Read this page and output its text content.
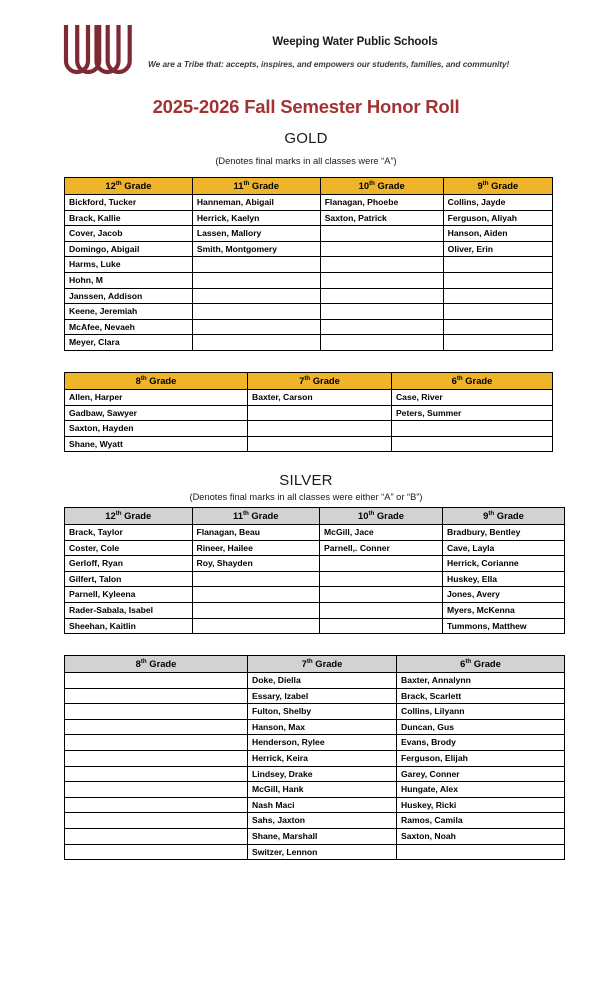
Weeping Water Public Schools
We are a Tribe that: accepts, inspires, and empowers our students, families, and community!
2025-2026 Fall Semester Honor Roll
GOLD
(Denotes final marks in all classes were “A”)
12th Grade	11th Grade	10th Grade	9th Grade
Bickford, Tucker	Hanneman, Abigail	Flanagan, Phoebe	Collins, Jayde
Brack, Kallie	Herrick, Kaelyn	Saxton, Patrick	Ferguson, Aliyah
Cover, Jacob	Lassen, Mallory		Hanson, Aiden
Domingo, Abigail	Smith, Montgomery		Oliver, Erin
Harms, Luke			
Hohn, M			
Janssen, Addison			
Keene, Jeremiah			
McAfee, Nevaeh			
Meyer, Clara			
8th Grade	7th Grade	6th Grade
Allen, Harper	Baxter, Carson	Case, River
Gadbaw, Sawyer		Peters, Summer
Saxton, Hayden		
Shane, Wyatt		
SILVER
(Denotes final marks in all classes were either “A” or “B”)
12th Grade	11th Grade	10th Grade	9th Grade
Brack, Taylor	Flanagan, Beau	McGill, Jace	Bradbury, Bentley
Coster, Cole	Rineer, Hailee	Parnell,. Conner	Cave, Layla
Gerloff, Ryan	Roy, Shayden		Herrick, Corianne
Gilfert, Talon			Huskey, Ella
Parnell, Kyleena			Jones, Avery
Rader-Sabala, Isabel			Myers, McKenna
Sheehan, Kaitlin			Tummons, Matthew
8th Grade	7th Grade	6th Grade
	Doke, Diella	Baxter, Annalynn
	Essary, Izabel	Brack, Scarlett
	Fulton, Shelby	Collins, Lilyann
	Hanson, Max	Duncan, Gus
	Henderson, Rylee	Evans, Brody
	Herrick, Keira	Ferguson, Elijah
	Lindsey, Drake	Garey, Conner
	McGill, Hank	Hungate, Alex
	Nash Maci	Huskey, Ricki
	Sahs, Jaxton	Ramos, Camila
	Shane, Marshall	Saxton, Noah
	Switzer, Lennon	
